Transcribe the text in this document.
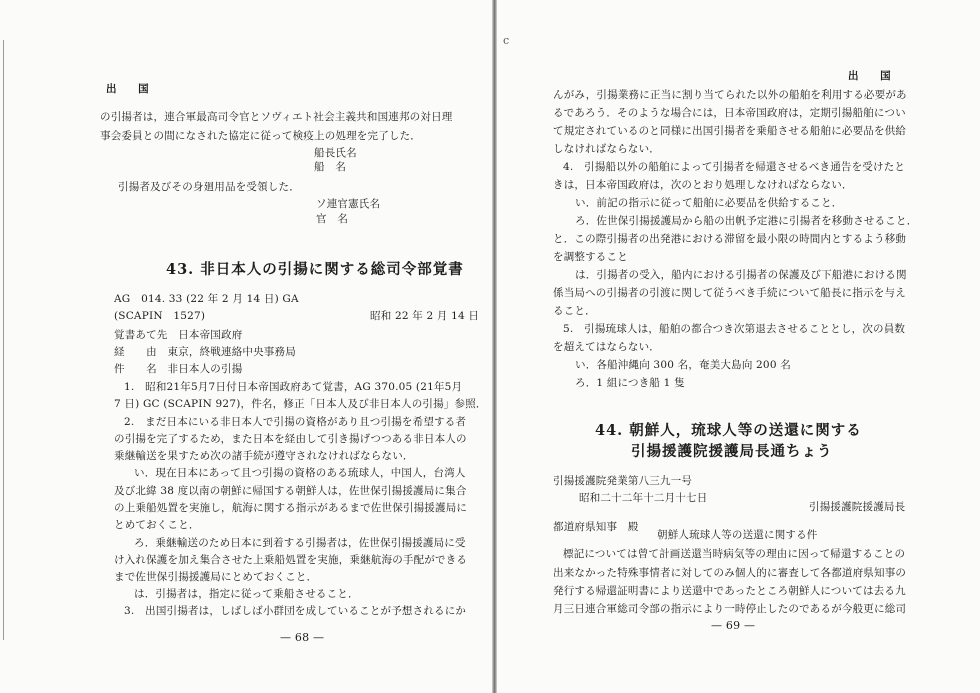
出　　国
の引揚者は，連合軍最高司令官とソヴィエト社会主義共和国連邦の対日理
事会委員との間になされた協定に従って検疫上の処理を完了した．
船長氏名
船　名
引揚者及びその身廻用品を受領した．
ソ連官憲氏名
官　名
43. 非日本人の引揚に関する総司令部覚書
AG　014. 33 (22 年 2 月 14 日) GA
(SCAPIN　1527)	昭和 22 年 2 月 14 日
覚書あて先　日本帝国政府
経　　由　東京，終戦連絡中央事務局
件　　名　非日本人の引揚
1.　昭和21年5月7日付日本帝国政府あて覚書，AG 370.05 (21年5月
7 日) GC (SCAPIN 927)，件名，修正「日本人及び非日本人の引揚」参照．
2.　まだ日本にいる非日本人で引揚の資格があり且つ引揚を希望する者
の引揚を完了するため，また日本を経由して引き揚げつつある非日本人の
乗継輸送を果すため次の諸手続が遵守されなければならない．
い．現在日本にあって且つ引揚の資格のある琉球人，中国人，台湾人
及び北緯 38 度以南の朝鮮に帰国する朝鮮人は，佐世保引揚援護局に集合
の上乗船処置を実施し，航海に関する指示があるまで佐世保引揚援護局に
とめておくこと．
ろ．乗継輸送のため日本に到着する引揚者は，佐世保引揚援護局に受
け入れ保護を加え集合させた上乗船処置を実施，乗継航海の手配ができる
まで佐世保引揚援護局にとめておくこと．
は．引揚者は，指定に従って乗船させること．
3.　出国引揚者は，しばしば小群団を成していることが予想されるにか
— 68 —
c
出　　国
んがみ，引揚業務に正当に割り当てられた以外の船舶を利用する必要があ
るであろう．そのような場合には，日本帝国政府は，定期引揚船舶につい
て規定されているのと同様に出国引揚者を乗船させる船舶に必要品を供給
しなければならない．
4.　引揚船以外の船舶によって引揚者を帰還させるべき通告を受けたと
きは，日本帝国政府は，次のとおり処理しなければならない．
い．前記の指示に従って船舶に必要品を供給すること．
ろ．佐世保引揚援護局から船の出帆予定港に引揚者を移動させること．
と．この際引揚者の出発港における滞留を最小限の時間内とするよう移動
を調整すること
は．引揚者の受入，船内における引揚者の保護及び下船港における関
係当局への引揚者の引渡に関して従うべき手続について船長に指示を与え
ること．
5.　引揚琉球人は，船舶の都合つき次第退去させることとし，次の員数
を超えてはならない．
い．各船沖縄向 300 名，奄美大島向 200 名
ろ．1 組につき船 1 隻
44. 朝鮮人，琉球人等の送還に関する
引揚援護院援護局長通ちょう
引揚援護院発業第八三九一号
昭和二十二年十二月十七日
引揚援護院援護局長
都道府県知事　殿
朝鮮人琉球人等の送還に関する件
標記については曾て計画送還当時病気等の理由に因って帰還することの
出来なかった特殊事情者に対してのみ個人的に審査して各都道府県知事の
発行する帰還証明書により送還中であったところ朝鮮人については去る九
月三日連合軍総司令部の指示により一時停止したのであるが今般更に総司
— 69 —
